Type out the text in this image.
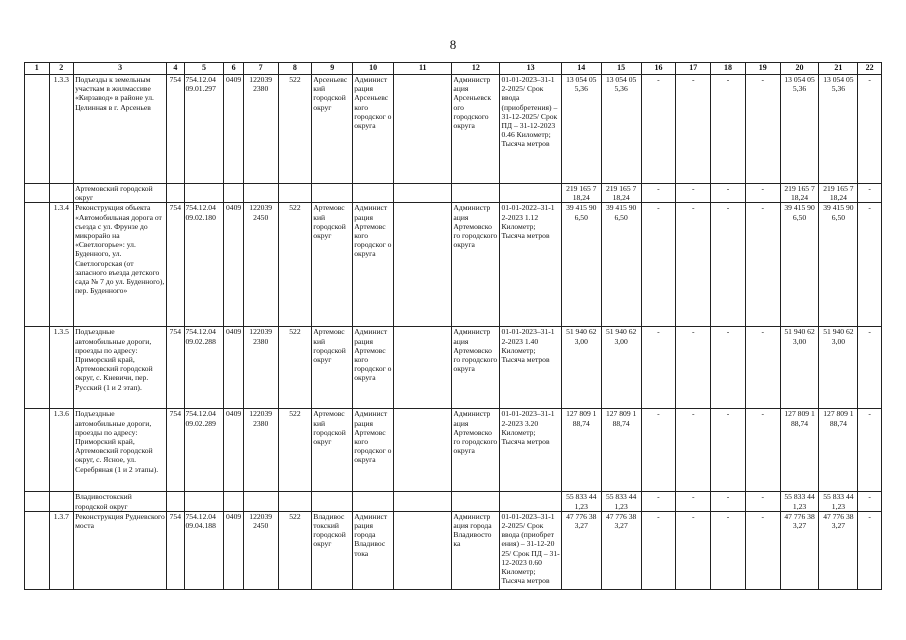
8
1	2	3	4	5	6	7	8	9	10	11	12	13	14	15	16	17	18	19	20	21	22
	1.3.3	Подъезды к земельным участкам в жилмассиве «Кирзавод» в районе ул. Целинная в г. Арсеньев	754	754.12.04 09.01.297	0409	122039 2380	522	Арсеньевс кий городской округ	Админист рация Арсеньевс кого городског о округа		Администр ация Арсеньевск ого городского округа	01-01-2023–31-1 2-2025/ Срок ввода (приобретения) – 31-12-2025/ Срок ПД – 31-12-2023 0.46 Километр; Тысяча метров	13 054 05 5,36	13 054 05 5,36	-	-	-	-	13 054 05 5,36	13 054 05 5,36	-
		Артемовский городской округ											219 165 7 18,24	219 165 7 18,24	-	-	-	-	219 165 7 18,24	219 165 7 18,24	-
	1.3.4	Реконструкция объекта «Автомобильная дорога от съезда с ул. Фрунзе до микрорайо на «Светлогорье»: ул. Буденного, ул. Светлогорская (от запасного въезда детского сада № 7 до ул. Буденного), пер. Буденного»	754	754.12.04 09.02.180	0409	122039 2450	522	Артемовс кий городской округ	Админист рация Артемовс кого городског о округа		Администр ация Артемовско го городского округа	01-01-2022–31-1 2-2023 1.12 Километр; Тысяча метров	39 415 90 6,50	39 415 90 6,50	-	-	-	-	39 415 90 6,50	39 415 90 6,50	-
	1.3.5	Подъездные автомобильные дороги, проезды по адресу: Приморский край, Артемовский городской округ, с. Кневичи, пер. Русский (1 и 2 этап).	754	754.12.04 09.02.288	0409	122039 2380	522	Артемовс кий городской округ	Админист рация Артемовс кого городског о округа		Администр ация Артемовско го городского округа	01-01-2023–31-1 2-2023 1.40 Километр; Тысяча метров	51 940 62 3,00	51 940 62 3,00	-	-	-	-	51 940 62 3,00	51 940 62 3,00	-
	1.3.6	Подъездные автомобильные дороги, проезды по адресу: Приморский край, Артемовский городской округ, с. Ясное, ул. Серебряная (1 и 2 этапы).	754	754.12.04 09.02.289	0409	122039 2380	522	Артемовс кий городской округ	Админист рация Артемовс кого городског о округа		Администр ация Артемовско го городского округа	01-01-2023–31-1 2-2023 3.20 Километр; Тысяча метров	127 809 1 88,74	127 809 1 88,74	-	-	-	-	127 809 1 88,74	127 809 1 88,74	-
		Владивостокский городской округ											55 833 44 1,23	55 833 44 1,23	-	-	-	-	55 833 44 1,23	55 833 44 1,23	-
	1.3.7	Реконструкция Рудневского моста	754	754.12.04 09.04.188	0409	122039 2450	522	Владивос токский городской округ	Админист рация города Владивос тока		Администр ация города Владивосто ка	01-01-2023–31-1 2-2025/ Срок ввода (приобрет ения) – 31-12-20 25/ Срок ПД – 31-12-2023 0.60 Километр; Тысяча метров	47 776 38 3,27	47 776 38 3,27	-	-	-	-	47 776 38 3,27	47 776 38 3,27	-
